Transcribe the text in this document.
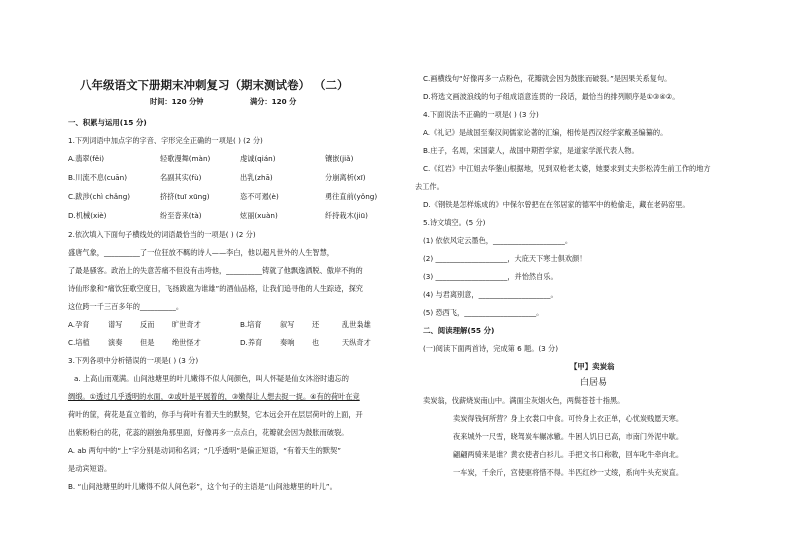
八年级语文下册期末冲刺复习（期末测试卷） （二）
时间：120 分钟	满分：120 分
一、积累与运用(15 分)
1.下列词语中加点字的字音、字形完全正确的一项是( ) (2 分)
A.翡翠(fěi)	轻歌漫舞(màn)	虔诚(qián)	镶嵌(jiǎ)
B.川流不息(cuān)	名副其实(fù)	出乳(zhā)	分崩离析(xī)
C.跋涉(chì chǎng)	挤挤(tuī xūng)	恣不可遏(è)	勇往直前(yǒng)
D.机械(xiè)	纷至沓来(tà)	炫丽(xuàn)	纤持栽木(jiū)
2.依次填入下面句子横线处的词语最恰当的一项是( ) (2 分)
盛唐气象，__________了一位狂放不羁的诗人——李白，他以超凡世外的人生智慧，
了最是骚客。政治上的失意苦痛不但没有击垮他，__________铸就了他飘逸洒脱、傲岸不拘的
诗仙形象和“痛饮狂歌空度日，飞扬跋扈为谁雄”的酒仙品格，让我们追寻他的人生踪迹，探究
这位跨一千三百多年的__________。
A.孕育	谱写 反而 旷世奇才	B.培育	叙写 还	乱世枭雄
C.培植	演奏 但是 绝世怪才	D.养育 奏响 也	天纵奇才
3.下列各项中分析错误的一项是( ) (3 分)
a. 上高山而观满。山间池塘里的叶儿嫩得不似人间颜色，叫人怀疑是仙女沐浴时遗忘的
绸缎。①透过几乎透明的水面，②或叶是平展着的，③嫩得让人想去捉一捉。④有的荷叶在竞
荷叶的筐，荷花是直立着的，你手与荷叶有着天生的默契，它本远会开在层层荷叶的上面，开
出紫粉粉白的花，花蕊的剧独角那里面，好像再多一点点白，花瓣就会因为鼓胀而破裂。
A. ab 两句中的“上”字分别是动词和名词；“几乎透明”是偏正短语，“有着天生的默契”
是动宾短语。
B. “山间池塘里的叶儿嫩得不似人间色彩”，这个句子的主语是“山间池塘里的叶儿”。
C.画横线句“好像再多一点粉色，花瓣就会因为鼓胀而破裂。”是因果关系复句。
D.将选文画波浪线的句子组成语意连贯的一段话，最恰当的排列顺序是①③④②。
4.下面说法不正确的一项是( ) (3 分)
A.《礼记》是战国至秦汉间儒家论著的汇编，相传是西汉经学家戴圣编纂的。
B.庄子，名周，宋国蒙人，战国中期哲学家，是道家学派代表人物。
C.《红岩》中江姐去华蓥山根据地，见到双枪老太婆，她要求到丈夫彭松涛生前工作的地方
去工作。
D.《钢铁是怎样炼成的》中保尔曾把在在邻居家的德军中的枪偷走，藏在老码窑里。
5.诗文填空。(5 分)
(1) 依依风定云墨色，____________________。
(2) ____________________，大庇天下寒士俱欢颜！
(3) ____________________，并怡然自乐。
(4) 与君离别意，____________________。
(5) 恐西飞，____________________。
二、阅读理解(55 分)
(一)阅读下面两首诗，完成第 6 题。(3 分)
【甲】卖炭翁
白居易
卖炭翁，伐薪烧炭南山中。满面尘灰烟火色，两鬓苍苍十指黑。
卖炭得钱何所营？身上衣裳口中食。可怜身上衣正单，心忧炭贱愿天寒。
夜来城外一尺雪，晓驾炭车辗冰辙。牛困人饥日已高，市南门外泥中歇。
翩翩两骑来是谁？黄衣使者白衫儿。手把文书口称敕，回车叱牛牵向北。
一车炭，千余斤，宫使驱将惜不得。半匹红纱一丈绫，系向牛头充炭直。
